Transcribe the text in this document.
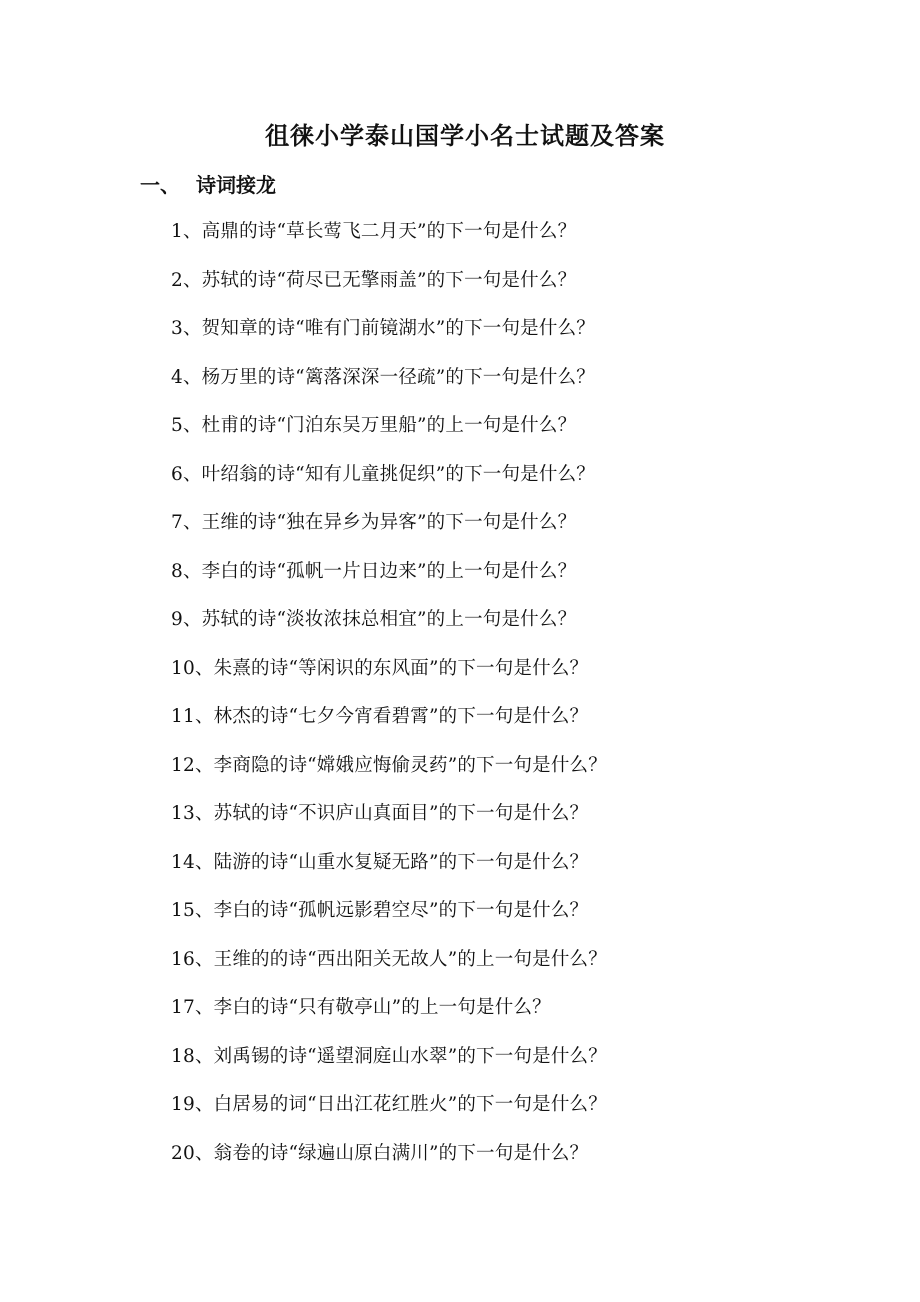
徂徕小学泰山国学小名士试题及答案
一、 诗词接龙
1、高鼎的诗“草长莺飞二月天”的下一句是什么？
2、苏轼的诗“荷尽已无擎雨盖”的下一句是什么？
3、贺知章的诗“唯有门前镜湖水”的下一句是什么？
4、杨万里的诗“篱落深深一径疏”的下一句是什么？
5、杜甫的诗“门泊东吴万里船”的上一句是什么？
6、叶绍翁的诗“知有儿童挑促织”的下一句是什么？
7、王维的诗“独在异乡为异客”的下一句是什么？
8、李白的诗“孤帆一片日边来”的上一句是什么？
9、苏轼的诗“淡妆浓抹总相宜”的上一句是什么？
10、朱熹的诗“等闲识的东风面”的下一句是什么？
11、林杰的诗“七夕今宵看碧霄”的下一句是什么？
12、李商隐的诗“嫦娥应悔偷灵药”的下一句是什么？
13、苏轼的诗“不识庐山真面目”的下一句是什么？
14、陆游的诗“山重水复疑无路”的下一句是什么？
15、李白的诗“孤帆远影碧空尽”的下一句是什么？
16、王维的的诗“西出阳关无故人”的上一句是什么？
17、李白的诗“只有敬亭山”的上一句是什么？
18、刘禹锡的诗“遥望洞庭山水翠”的下一句是什么？
19、白居易的词“日出江花红胜火”的下一句是什么？
20、翁卷的诗“绿遍山原白满川”的下一句是什么？
